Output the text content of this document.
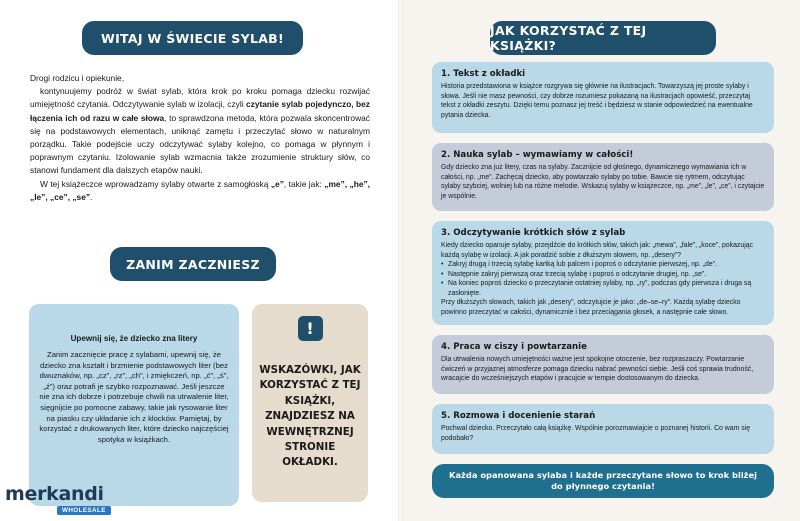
WITAJ W ŚWIECIE SYLAB!

Drogi rodzicu i opiekunie,

kontynuujemy podróż w świat sylab, która krok po kroku pomaga dziecku rozwijać umiejętność czytania. Odczytywanie sylab w izolacji, czyli czytanie sylab pojedynczo, bez łączenia ich od razu w całe słowa, to sprawdzona metoda, która pozwala skoncentrować się na podstawowych elementach, uniknąć zamętu i przeczytać słowo w naturalnym porządku. Takie podejście uczy odczytywać sylaby kolejno, co pomaga w płynnym i poprawnym czytaniu. Izolowanie sylab wzmacnia także zrozumienie struktury słów, co stanowi fundament dla dalszych etapów nauki.

W tej książeczce wprowadzamy sylaby otwarte z samogłoską „e”, takie jak: „me”, „he”, „le”, „ce”, „se”.

ZANIM ZACZNIESZ
Upewnij się, że dziecko zna litery
Zanim zacznięcie pracę z sylabami, upewnij się, że dziecko zna kształt i brzmienie podstawowych liter (bez dwuznaków, np. „cz”, „rz”, „ch”, i zmiękczeń, np. „ć”, „ś”, „ź”) oraz potrafi je szybko rozpoznawać. Jeśli jeszcze nie zna ich dobrze i potrzebuje chwili na utrwalenie liter, sięgnijcie po pomocne zabawy, takie jak rysowanie liter na piasku czy układanie ich z klocków. Pamiętaj, by korzystać z drukowanych liter, które dziecko najczęściej spotyka w książkach.
!
WSKAZÓWKI, JAK KORZYSTAĆ Z TEJ KSIĄŻKI, ZNAJDZIESZ NA WEWNĘTRZNEJ STRONIE OKŁADKI.
merkandi
WHOLESALE
JAK KORZYSTAĆ Z TEJ KSIĄŻKI?
1. Tekst z okładki
Historia przedstawiona w książce rozgrywa się głównie na ilustracjach. Towarzyszą jej proste sylaby i słowa. Jeśli nie masz pewności, czy dobrze rozumiesz pokazaną na ilustracjach opowieść, przeczytaj tekst z okładki zeszytu. Dzięki temu poznasz jej treść i będziesz w stanie odpowiedzieć na ewentualne pytania dziecka.
2. Nauka sylab – wymawiamy w całości!
Gdy dziecko zna już litery, czas na sylaby. Zacznijcie od głośnego, dynamicznego wymawiania ich w całości, np. „me”. Zachęcaj dziecko, aby powtarzało sylaby po tobie. Bawcie się rytmem, odczytując sylaby szybciej, wolniej lub na różne melodie. Wskazuj sylaby w książeczce, np. „me”, „le”, „ce”, i czytajcie je wspólnie.
3. Odczytywanie krótkich słów z sylab
Kiedy dziecko opanuje sylaby, przejdźcie do krótkich słów, takich jak: „mewa”, „fale”, „koce”, pokazując każdą sylabę w izolacji. A jak poradzić sobie z dłuższym słowem, np. „desery”?
• Zakryj drugą i trzecią sylabę kartką lub palcem i poproś o odczytanie pierwszej, np. „de”.
• Następnie zakryj pierwszą oraz trzecią sylabę i poproś o odczytanie drugiej, np. „se”.
• Na koniec poproś dziecko o przeczytanie ostatniej sylaby, np. „ry”, podczas gdy pierwsza i druga są zasłonięte.
Przy dłuższych słowach, takich jak „desery”, odczytujcie je jako: „de–se–ry”. Każdą sylabę dziecko powinno przeczytać w całości, dynamicznie i bez przeciągania głosek, a następnie całe słowo.
4. Praca w ciszy i powtarzanie
Dla utrwalenia nowych umiejętności ważne jest spokojne otoczenie, bez rozpraszaczy. Powtarzanie ćwiczeń w przyjaznej atmosferze pomaga dziecku nabrać pewności siebie. Jeśli coś sprawia trudność, wracajcie do wcześniejszych etapów i pracujcie w tempie dostosowanym do dziecka.
5. Rozmowa i docenienie starań
Pochwal dziecko. Przeczytało całą książkę. Wspólnie porozmawiajcie o poznanej historii. Co wam się podobało?
Każda opanowana sylaba i każde przeczytane słowo to krok bliżej do płynnego czytania!
